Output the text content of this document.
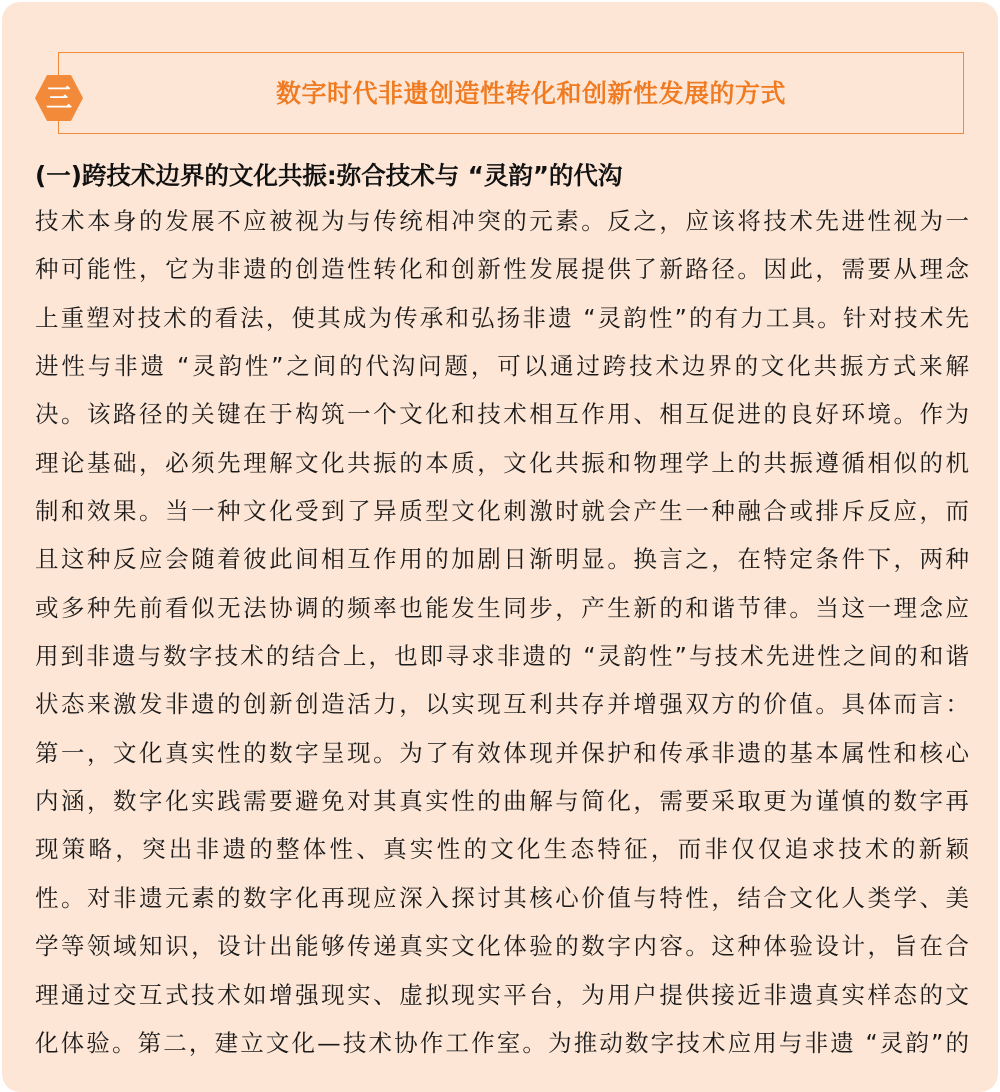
数字时代非遗创造性转化和创新性发展的方式
三
(一)跨技术边界的文化共振:弥合技术与 “灵韵”的代沟
技术本身的发展不应被视为与传统相冲突的元素。反之，应该将技术先进性视为一
种可能性，它为非遗的创造性转化和创新性发展提供了新路径。因此，需要从理念
上重塑对技术的看法，使其成为传承和弘扬非遗 “灵韵性”的有力工具。针对技术先
进性与非遗 “灵韵性”之间的代沟问题，可以通过跨技术边界的文化共振方式来解
决。该路径的关键在于构筑一个文化和技术相互作用、相互促进的良好环境。作为
理论基础，必须先理解文化共振的本质，文化共振和物理学上的共振遵循相似的机
制和效果。当一种文化受到了异质型文化刺激时就会产生一种融合或排斥反应，而
且这种反应会随着彼此间相互作用的加剧日渐明显。换言之，在特定条件下，两种
或多种先前看似无法协调的频率也能发生同步，产生新的和谐节律。当这一理念应
用到非遗与数字技术的结合上，也即寻求非遗的 “灵韵性”与技术先进性之间的和谐
状态来激发非遗的创新创造活力，以实现互利共存并增强双方的价值。具体而言：
第一，文化真实性的数字呈现。为了有效体现并保护和传承非遗的基本属性和核心
内涵，数字化实践需要避免对其真实性的曲解与简化，需要采取更为谨慎的数字再
现策略，突出非遗的整体性、真实性的文化生态特征，而非仅仅追求技术的新颖
性。对非遗元素的数字化再现应深入探讨其核心价值与特性，结合文化人类学、美
学等领域知识，设计出能够传递真实文化体验的数字内容。这种体验设计，旨在合
理通过交互式技术如增强现实、虚拟现实平台，为用户提供接近非遗真实样态的文
化体验。第二，建立文化—技术协作工作室。为推动数字技术应用与非遗 “灵韵”的
